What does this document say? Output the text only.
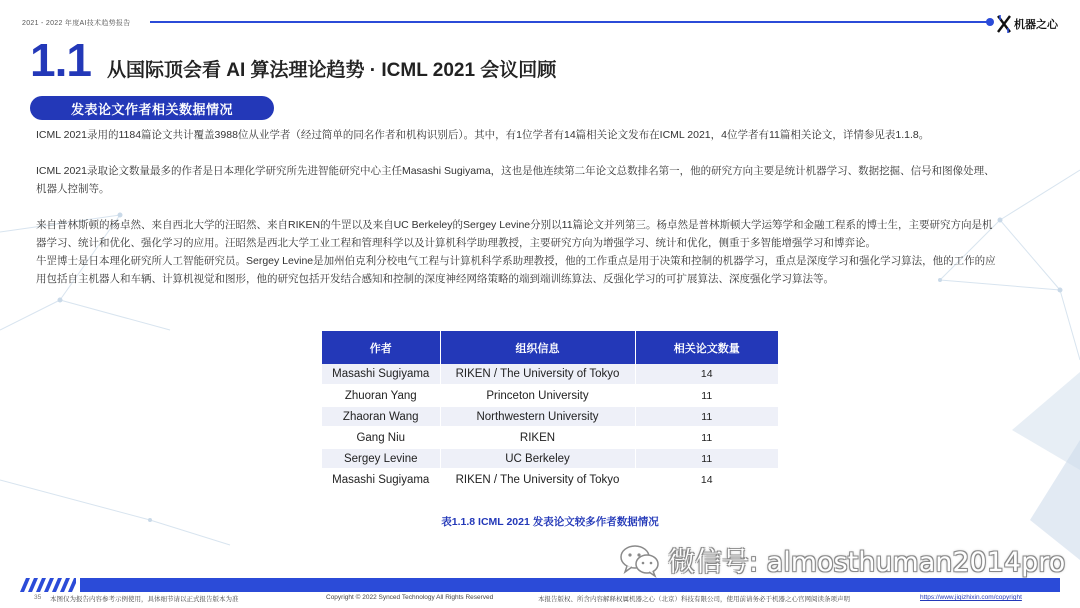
2021 - 2022 年度AI技术趋势报告	机器之心
1.1 从国际顶会看 AI 算法理论趋势 · ICML 2021 会议回顾
发表论文作者相关数据情况

ICML 2021录用的1184篇论文共计覆盖3988位从业学者（经过简单的同名作者和机构识别后）。其中，有1位学者有14篇相关论文发布在ICML 2021，4位学者有11篇相关论文，详情参见表1.1.8。

ICML 2021录取论文数量最多的作者是日本理化学研究所先进智能研究中心主任Masashi Sugiyama，这也是他连续第二年论文总数排名第一，他的研究方向主要是统计机器学习、数据挖掘、信号和图像处理、

机器人控制等。

来自普林斯顿的杨卓然、来自西北大学的汪昭然、来自RIKEN的牛罡以及来自UC Berkeley的Sergey Levine分别以11篇论文并列第三。杨卓然是普林斯顿大学运筹学和金融工程系的博士生，主要研究方向是机

器学习、统计和优化、强化学习的应用。汪昭然是西北大学工业工程和管理科学以及计算机科学助理教授，主要研究方向为增强学习、统计和优化，侧重于多智能增强学习和博弈论。

牛罡博士是日本理化研究所人工智能研究员。Sergey Levine是加州伯克利分校电气工程与计算机科学系助理教授，他的工作重点是用于决策和控制的机器学习，重点是深度学习和强化学习算法，他的工作的应

用包括自主机器人和车辆、计算机视觉和图形，他的研究包括开发结合感知和控制的深度神经网络策略的端到端训练算法、反强化学习的可扩展算法、深度强化学习算法等。

作者	组织信息	相关论文数量
Masashi Sugiyama	RIKEN / The University of Tokyo	14
Zhuoran Yang	Princeton University	11
Zhaoran Wang	Northwestern University	11
Gang Niu	RIKEN	11
Sergey Levine	UC Berkeley	11
Masashi Sugiyama	RIKEN / The University of Tokyo	14
表1.1.8 ICML 2021 发表论文较多作者数据情况
微信号: almosthuman2014pro
35 本图仅为报告内容参考示例使用，具体细节请以正式报告版本为准	Copyright © 2022 Synced Technology All Rights Reserved	本报告版权、所含内容解释权属机器之心（北京）科技有限公司，使用前请务必于机器之心官网阅读条项声明	https://www.jiqizhixin.com/copyright
